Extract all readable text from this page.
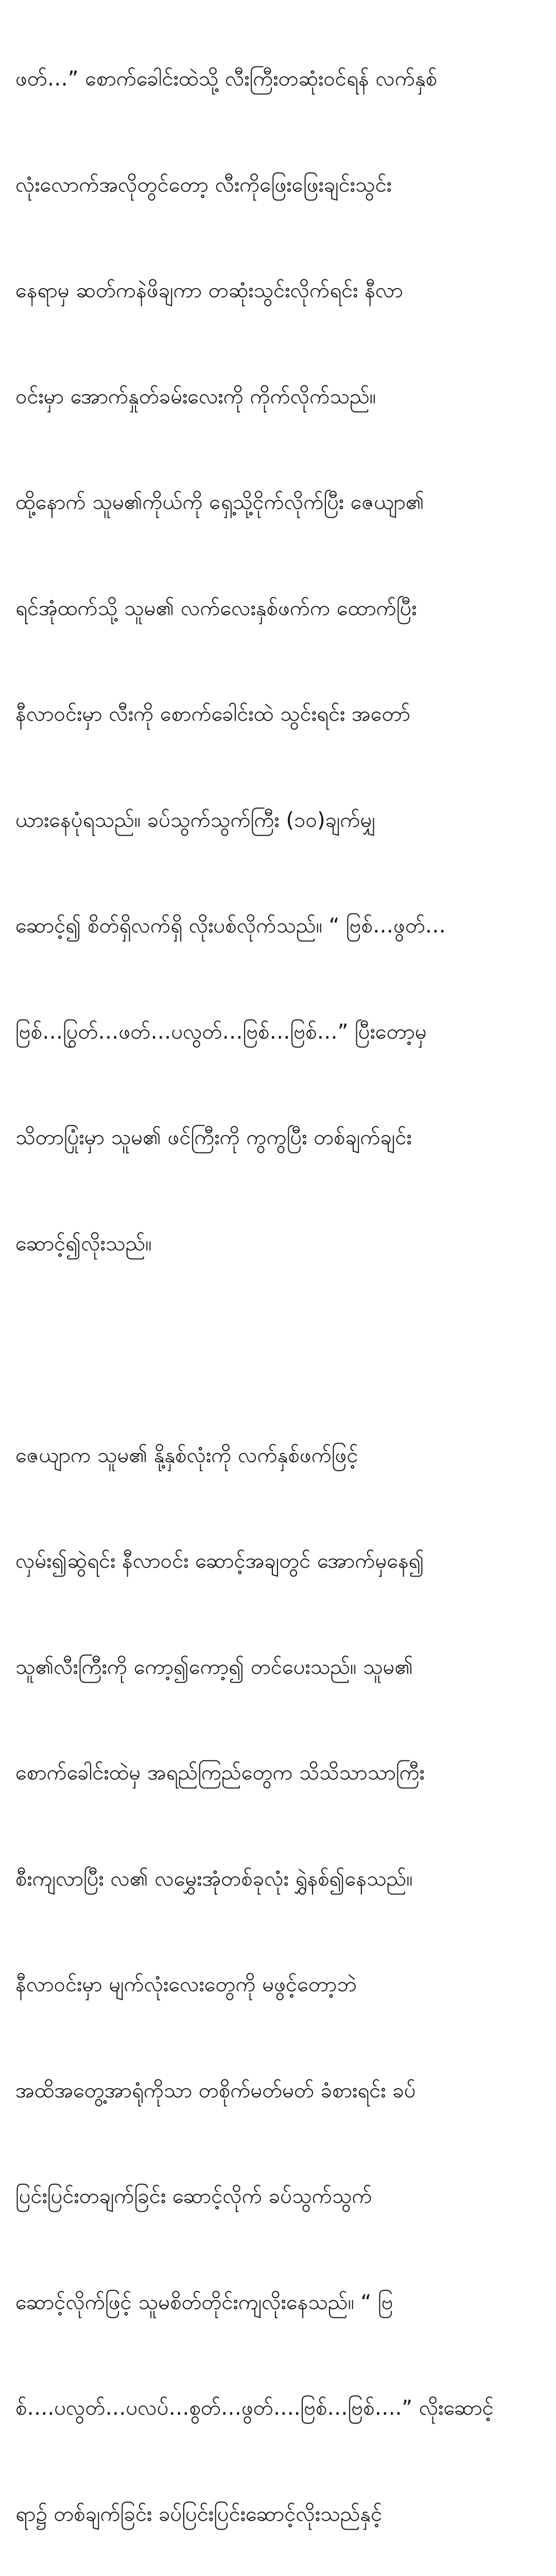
ဖတ်…” စောက်ခေါင်းထဲသို့ လီးကြီးတဆုံးဝင်ရန် လက်နှစ်

လုံးလောက်အလိုတွင်တော့ လီးကိုဖြေးဖြေးချင်းသွင်း

နေရာမှ ဆတ်ကနဲဖိချကာ တဆုံးသွင်းလိုက်ရင်း နီလာ

ဝင်းမှာ အောက်နှုတ်ခမ်းလေးကို ကိုက်လိုက်သည်။

ထို့နောက် သူမ၏ကိုယ်ကို ရှေ့သို့ငိုက်လိုက်ပြီး ဇေယျာ၏

ရင်အုံထက်သို့ သူမ၏ လက်လေးနှစ်ဖက်က ထောက်ပြီး

နီလာဝင်းမှာ လီးကို စောက်ခေါင်းထဲ သွင်းရင်း အတော်

ယားနေပုံရသည်။ ခပ်သွက်သွက်ကြီး (၁၀)ချက်မျှ

ဆောင့်၍ စိတ်ရှိလက်ရှိ လိုးပစ်လိုက်သည်။ “ ဗြစ်…ဖွတ်…

ဗြစ်…ပြွတ်…ဖတ်…ပလွတ်…ဗြစ်…ဗြစ်…” ပြီးတော့မှ

သိတာပြုံးမှာ သူမ၏ ဖင်ကြီးကို ကွကွပြီး တစ်ချက်ချင်း

ဆောင့်၍လိုးသည်။

ဇေယျာက သူမ၏ နို့နှစ်လုံးကို လက်နှစ်ဖက်ဖြင့်

လှမ်း၍ဆွဲရင်း နီလာဝင်း ဆောင့်အချတွင် အောက်မှနေ၍

သူ၏လီးကြီးကို ကော့၍ကော့၍ တင်ပေးသည်။ သူမ၏

စောက်ခေါင်းထဲမှ အရည်ကြည်တွေက သိသိသာသာကြီး

စီးကျလာပြီး လ၏ လမွှေးအုံတစ်ခုလုံး ရွှဲနစ်၍နေသည်။

နီလာဝင်းမှာ မျက်လုံးလေးတွေကို မဖွင့်တော့ဘဲ

အထိအတွေ့အာရုံကိုသာ တစိုက်မတ်မတ် ခံစားရင်း ခပ်

ပြင်းပြင်းတချက်ခြင်း ဆောင့်လိုက် ခပ်သွက်သွက်

ဆောင့်လိုက်ဖြင့် သူမစိတ်တိုင်းကျလိုးနေသည်။ “ ဗြ

စ်….ပလွတ်…ပလပ်…စွတ်…ဖွတ်….ဗြစ်…ဗြစ်….” လိုးဆောင့်

ရာ၌ တစ်ချက်ခြင်း ခပ်ပြင်းပြင်းဆောင့်လိုးသည်နှင့်
